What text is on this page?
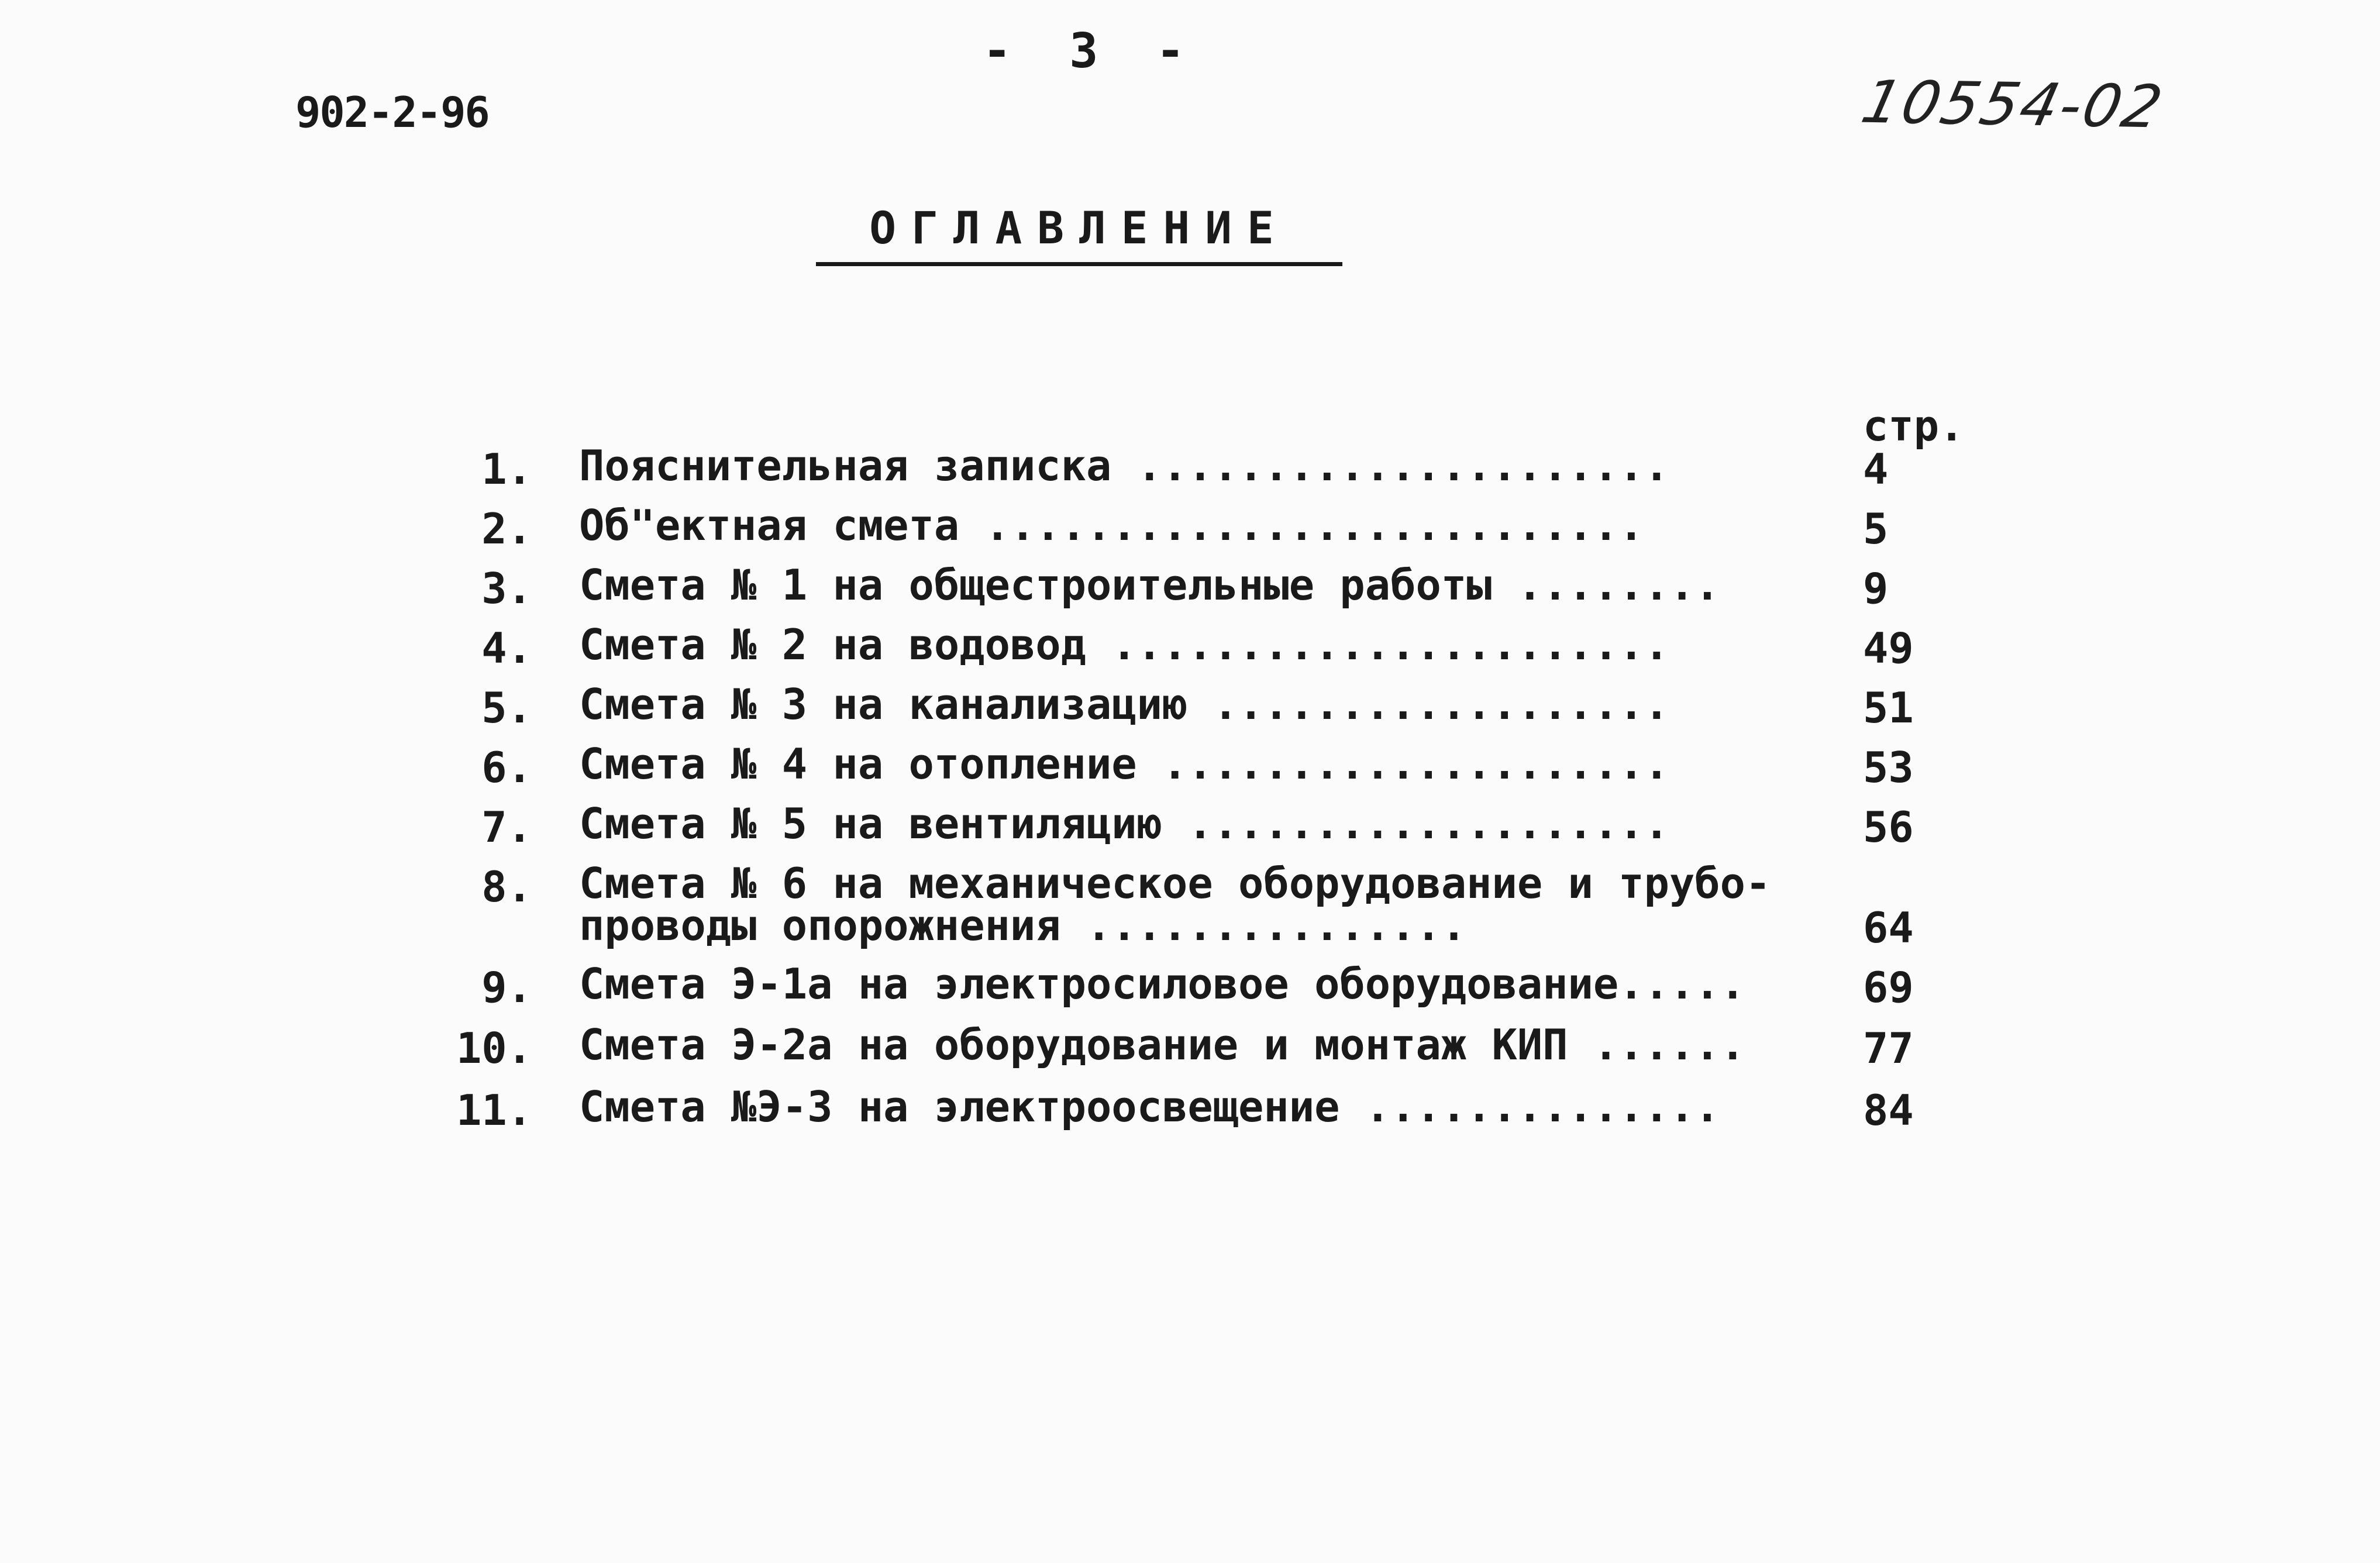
-  3  -
902-2-96	10554-02
ОГЛАВЛЕНИЕ
стр.
1. Пояснительная записка .....................	4
2. Об"ектная смета ..........................	5
3. Смета № 1 на общестроительные работы ........	9
4. Смета № 2 на водовод ......................	49
5. Смета № 3 на канализацию ..................	51
6. Смета № 4 на отопление ....................	53
7. Смета № 5 на вентиляцию ...................	56
8. Смета № 6 на механическое оборудование и трубо-
проводы опорожнения ...............	64
9. Смета Э-1а на электросиловое оборудование.....	69
10. Смета Э-2а на оборудование и монтаж КИП ......	77
11. Смета №Э-3 на электроосвещение ..............	84
